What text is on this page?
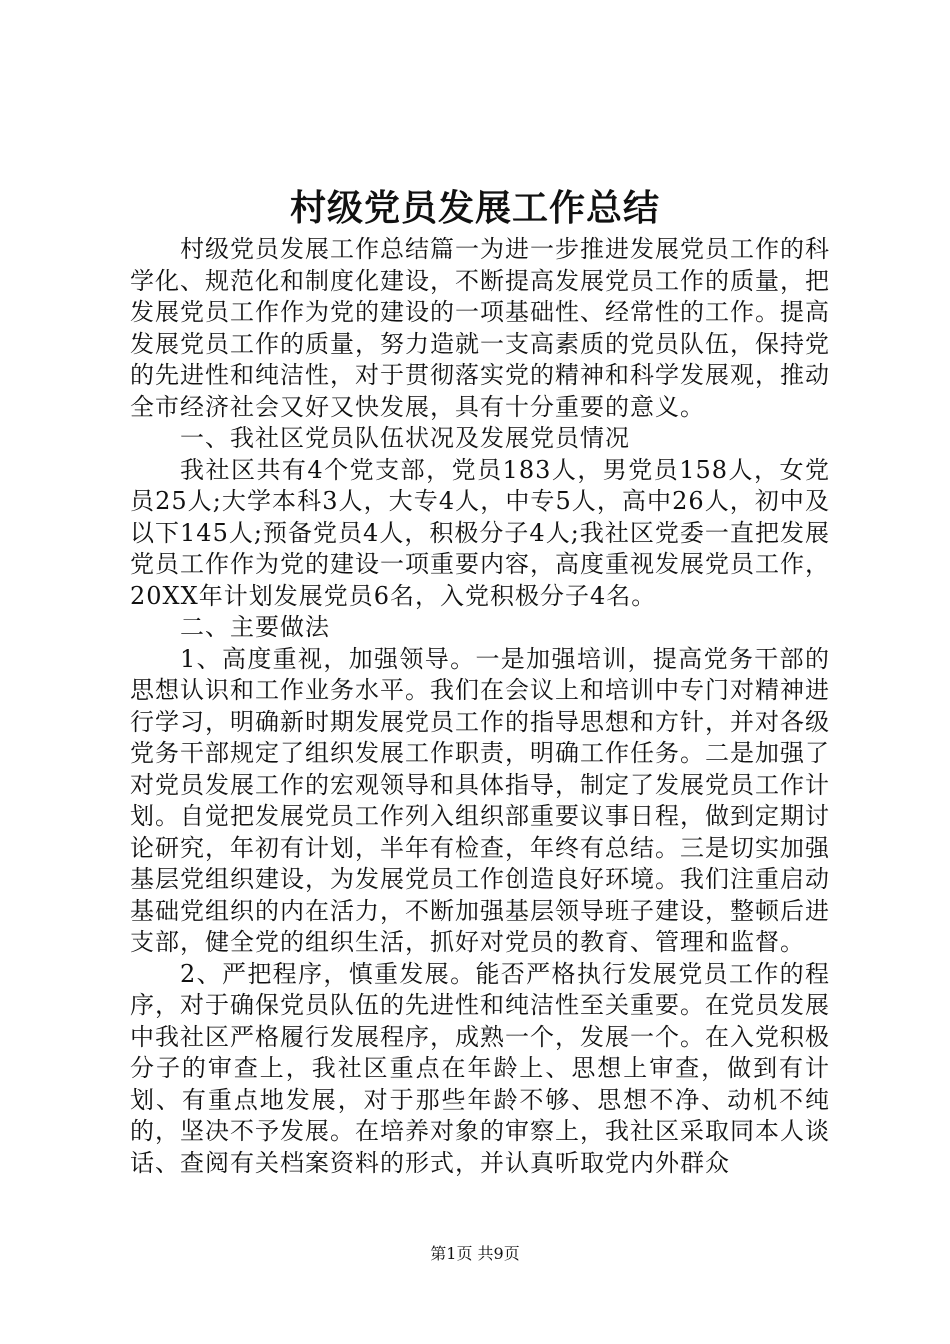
村级党员发展工作总结

村级党员发展工作总结篇一为进一步推进发展党员工作的科学化、规范化和制度化建设，不断提高发展党员工作的质量，把发展党员工作作为党的建设的一项基础性、经常性的工作。提高发展党员工作的质量，努力造就一支高素质的党员队伍，保持党的先进性和纯洁性，对于贯彻落实党的精神和科学发展观，推动全市经济社会又好又快发展，具有十分重要的意义。

一、我社区党员队伍状况及发展党员情况

我社区共有4个党支部，党员183人，男党员158人，女党员25人;大学本科3人，大专4人，中专5人，高中26人，初中及以下145人;预备党员4人，积极分子4人;我社区党委一直把发展党员工作作为党的建设一项重要内容，高度重视发展党员工作，20XX年计划发展党员6名，入党积极分子4名。

二、主要做法

1、高度重视，加强领导。一是加强培训，提高党务干部的思想认识和工作业务水平。我们在会议上和培训中专门对精神进行学习，明确新时期发展党员工作的指导思想和方针，并对各级党务干部规定了组织发展工作职责，明确工作任务。二是加强了对党员发展工作的宏观领导和具体指导，制定了发展党员工作计划。自觉把发展党员工作列入组织部重要议事日程，做到定期讨论研究，年初有计划，半年有检查，年终有总结。三是切实加强基层党组织建设，为发展党员工作创造良好环境。我们注重启动基础党组织的内在活力，不断加强基层领导班子建设，整顿后进支部，健全党的组织生活，抓好对党员的教育、管理和监督。

2、严把程序，慎重发展。能否严格执行发展党员工作的程序，对于确保党员队伍的先进性和纯洁性至关重要。在党员发展中我社区严格履行发展程序，成熟一个，发展一个。在入党积极分子的审查上，我社区重点在年龄上、思想上审查，做到有计划、有重点地发展，对于那些年龄不够、思想不净、动机不纯的，坚决不予发展。在培养对象的审察上，我社区采取同本人谈话、查阅有关档案资料的形式，并认真听取党内外群众

第1页 共9页
